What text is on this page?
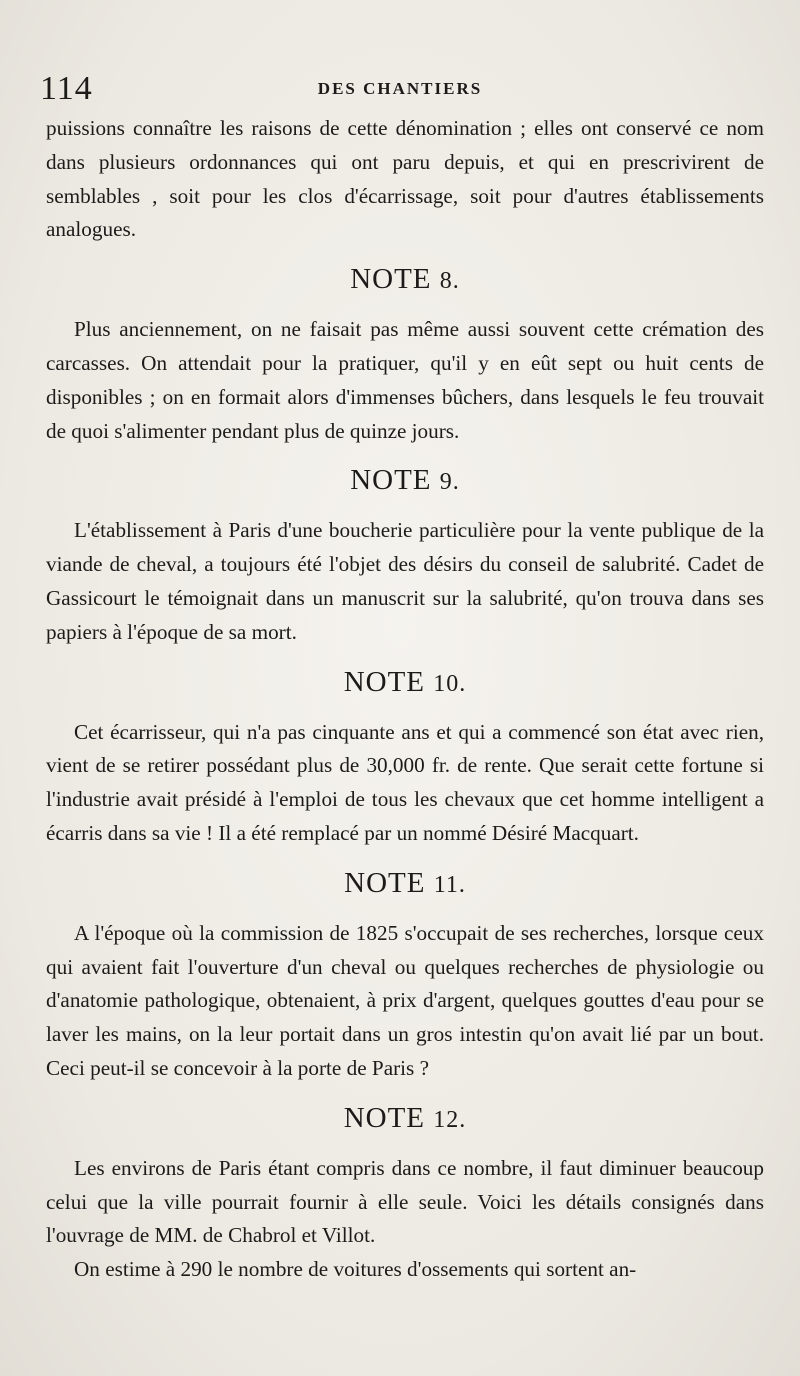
114	DES CHANTIERS

puissions connaître les raisons de cette dénomination ; elles ont conservé ce nom dans plusieurs ordonnances qui ont paru depuis, et qui en prescrivirent de semblables , soit pour les clos d'écarrissage, soit pour d'autres établissements analogues.

NOTE 8.

Plus anciennement, on ne faisait pas même aussi souvent cette crémation des carcasses. On attendait pour la pratiquer, qu'il y en eût sept ou huit cents de disponibles ; on en formait alors d'immenses bûchers, dans lesquels le feu trouvait de quoi s'alimenter pendant plus de quinze jours.

NOTE 9.

L'établissement à Paris d'une boucherie particulière pour la vente publique de la viande de cheval, a toujours été l'objet des désirs du conseil de salubrité. Cadet de Gassicourt le témoignait dans un manuscrit sur la salubrité, qu'on trouva dans ses papiers à l'époque de sa mort.

NOTE 10.

Cet écarrisseur, qui n'a pas cinquante ans et qui a commencé son état avec rien, vient de se retirer possédant plus de 30,000 fr. de rente. Que serait cette fortune si l'industrie avait présidé à l'emploi de tous les chevaux que cet homme intelligent a écarris dans sa vie ! Il a été remplacé par un nommé Désiré Macquart.

NOTE 11.

A l'époque où la commission de 1825 s'occupait de ses recherches, lorsque ceux qui avaient fait l'ouverture d'un cheval ou quelques recherches de physiologie ou d'anatomie pathologique, obtenaient, à prix d'argent, quelques gouttes d'eau pour se laver les mains, on la leur portait dans un gros intestin qu'on avait lié par un bout. Ceci peut-il se concevoir à la porte de Paris ?

NOTE 12.

Les environs de Paris étant compris dans ce nombre, il faut diminuer beaucoup celui que la ville pourrait fournir à elle seule. Voici les détails consignés dans l'ouvrage de MM. de Chabrol et Villot.

On estime à 290 le nombre de voitures d'ossements qui sortent an-
